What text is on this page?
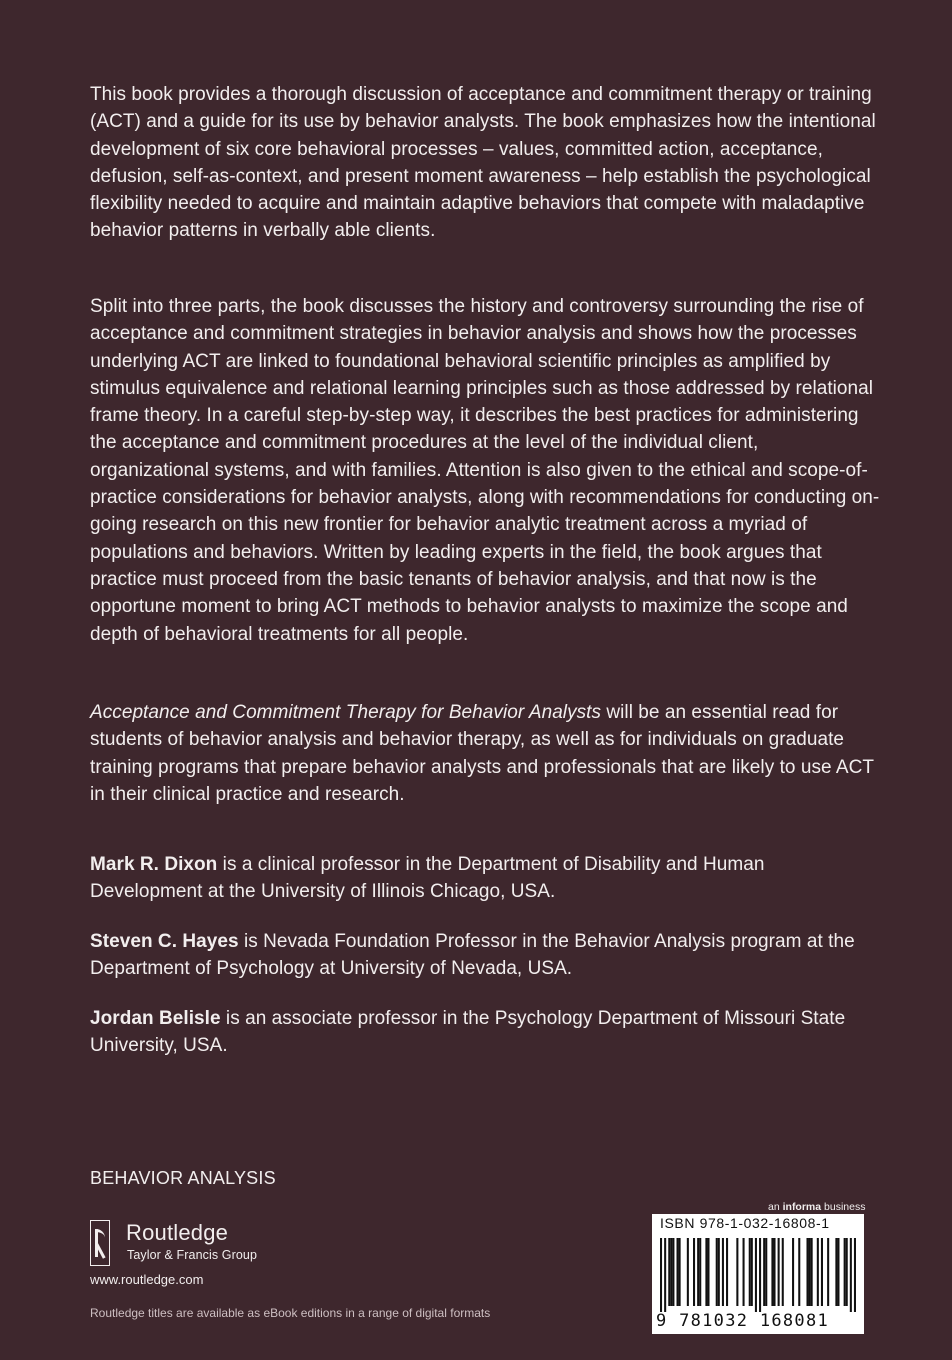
This book provides a thorough discussion of acceptance and commitment therapy or training (ACT) and a guide for its use by behavior analysts. The book emphasizes how the intentional development of six core behavioral processes – values, committed action, acceptance, defusion, self-as-context, and present moment awareness – help establish the psychological flexibility needed to acquire and maintain adaptive behaviors that compete with maladaptive behavior patterns in verbally able clients.

Split into three parts, the book discusses the history and controversy surrounding the rise of acceptance and commitment strategies in behavior analysis and shows how the processes underlying ACT are linked to foundational behavioral scientific principles as amplified by stimulus equivalence and relational learning principles such as those addressed by relational frame theory. In a careful step-by-step way, it describes the best practices for administering the acceptance and commitment procedures at the level of the individual client, organizational systems, and with families. Attention is also given to the ethical and scope-of-practice considerations for behavior analysts, along with recommendations for conducting on-going research on this new frontier for behavior analytic treatment across a myriad of populations and behaviors. Written by leading experts in the field, the book argues that practice must proceed from the basic tenants of behavior analysis, and that now is the opportune moment to bring ACT methods to behavior analysts to maximize the scope and depth of behavioral treatments for all people.

Acceptance and Commitment Therapy for Behavior Analysts will be an essential read for students of behavior analysis and behavior therapy, as well as for individuals on graduate training programs that prepare behavior analysts and professionals that are likely to use ACT in their clinical practice and research.

Mark R. Dixon is a clinical professor in the Department of Disability and Human Development at the University of Illinois Chicago, USA.

Steven C. Hayes is Nevada Foundation Professor in the Behavior Analysis program at the Department of Psychology at University of Nevada, USA.

Jordan Belisle is an associate professor in the Psychology Department of Missouri State University, USA.

BEHAVIOR ANALYSIS
Routledge
Taylor & Francis Group
www.routledge.com
Routledge titles are available as eBook editions in a range of digital formats
an informa business
ISBN 978-1-032-16808-1
9 781032 168081
